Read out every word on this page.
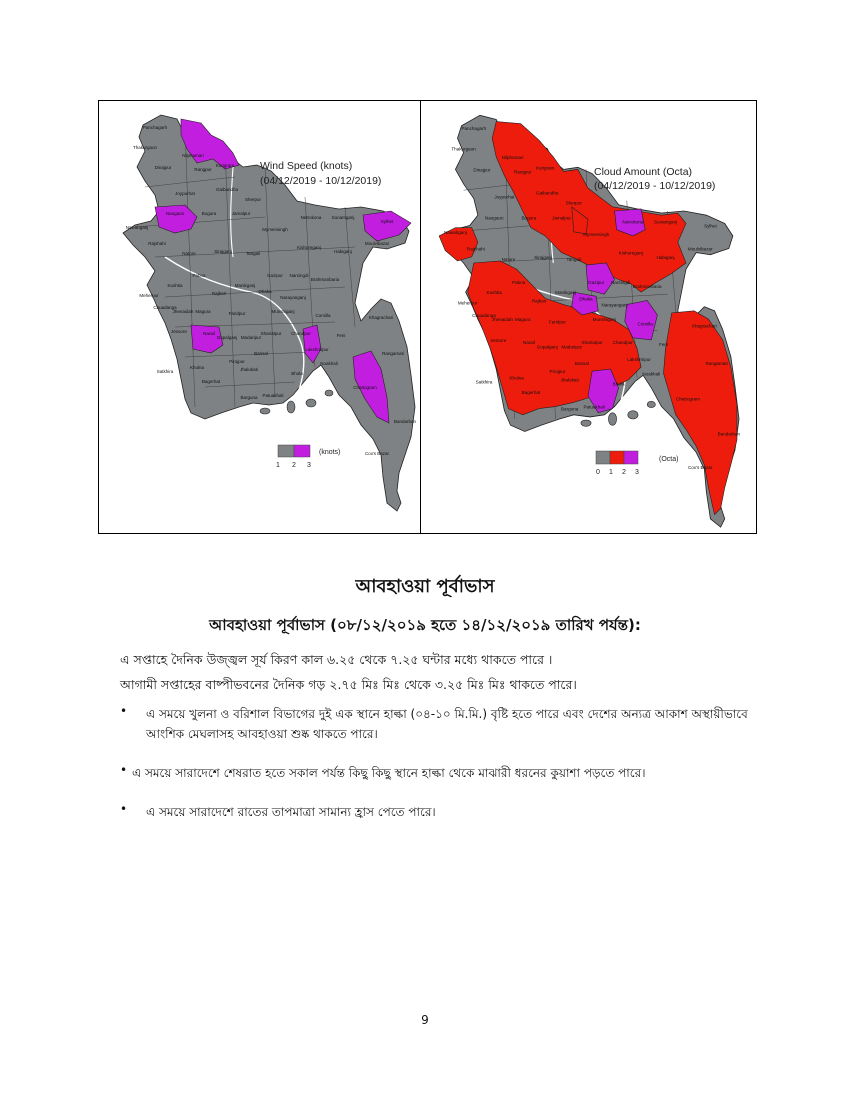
Panchagarh
Thakurgaon
Nilphamari
Dinajpur	Rangpur
Kurigram
Gaibandha
Joypurhat
Naogaon
Nawabganj
Rajshahi
Bogura
Sirajganj
Jamalpur
Sherpur
Netrokona
Mymensingh
Sunamganj
Sylhet
Kishoreganj
Habiganj
Moulvibazar
Natore
Pabna
Tangail
Gazipur Narsingdi
Brahmanbaria
Kushtia
Meherpur
Chuadanga
Jhenaidah Magura
Rajbari
Manikganj
Dhaka
Munshiganj
Narayanganj
Comilla
Faridpur
Gopalganj Madaripur
Shariatpur Chandpur	Feni
Jessore	Narail
Khulna
Satkhira
Bagerhat
Pirojpur
Barisal
Jhalokati
Barguna Patuakhali
Bhola
Lakshmipur
Noakhali
Khagrachari
Rangamati
Chattogram
Cox's Bazar
Bandarban
Wind Speed (knots)
(04/12/2019 - 10/12/2019)
1 2 3
(knots)
Panchagarh
Thakurgaon
Nilphamari
Dinajpur	Rangpur
Kurigram
Gaibandha
Joypurhat
Naogaon
Nawabganj
Rajshahi
Bogura
Sirajganj
Jamalpur
Sherpur
Netrokona
Mymensingh
Sunamganj
Sylhet
Kishoreganj
Habiganj
Moulvibazar
Natore
Pabna
Tangail
Gazipur Narsingdi
Brahmanbaria
Kushtia
Meherpur
Chuadanga
Jhenaidah Magura
Rajbari
Manikganj
Dhaka
Munshiganj
Narayanganj
Comilla
Faridpur
Gopalganj Madaripur
Shariatpur Chandpur	Feni
Jessore	Narail
Khulna
Satkhira
Bagerhat
Pirojpur
Barisal
Jhalokati
Barguna Patuakhali
Bhola
Lakshmipur
Noakhali
Khagrachari
Rangamati
Chattogram
Cox's Bazar
Bandarban
Cloud Amount (Octa)
(04/12/2019 - 10/12/2019)
0 1 2 3
(Octa)
আবহাওয়া পূর্বাভাস
আবহাওয়া পূর্বাভাস (০৮/১২/২০১৯ হতে ১৪/১২/২০১৯ তারিখ পর্যন্ত):
এ সপ্তাহে দৈনিক উজ্জ্বল সূর্য কিরণ কাল ৬.২৫ থেকে ৭.২৫ ঘন্টার মধ্যে থাকতে পারে ।
আগামী সপ্তাহের বাষ্পীভবনের দৈনিক গড় ২.৭৫ মিঃ মিঃ থেকে ৩.২৫ মিঃ মিঃ থাকতে পারে।
• এ সময়ে খুলনা ও বরিশাল বিভাগের দুই এক স্থানে হাল্কা (০৪-১০ মি.মি.) বৃষ্টি হতে পারে এবং দেশের অন্যত্র আকাশ অস্থায়ীভাবে আংশিক মেঘলাসহ আবহাওয়া শুষ্ক থাকতে পারে।
• এ সময়ে সারাদেশে শেষরাত হতে সকাল পর্যন্ত কিছু কিছু স্থানে হাল্কা থেকে মাঝারী ধরনের কুয়াশা পড়তে পারে।
• এ সময়ে সারাদেশে রাতের তাপমাত্রা সামান্য হ্রাস পেতে পারে।
9
